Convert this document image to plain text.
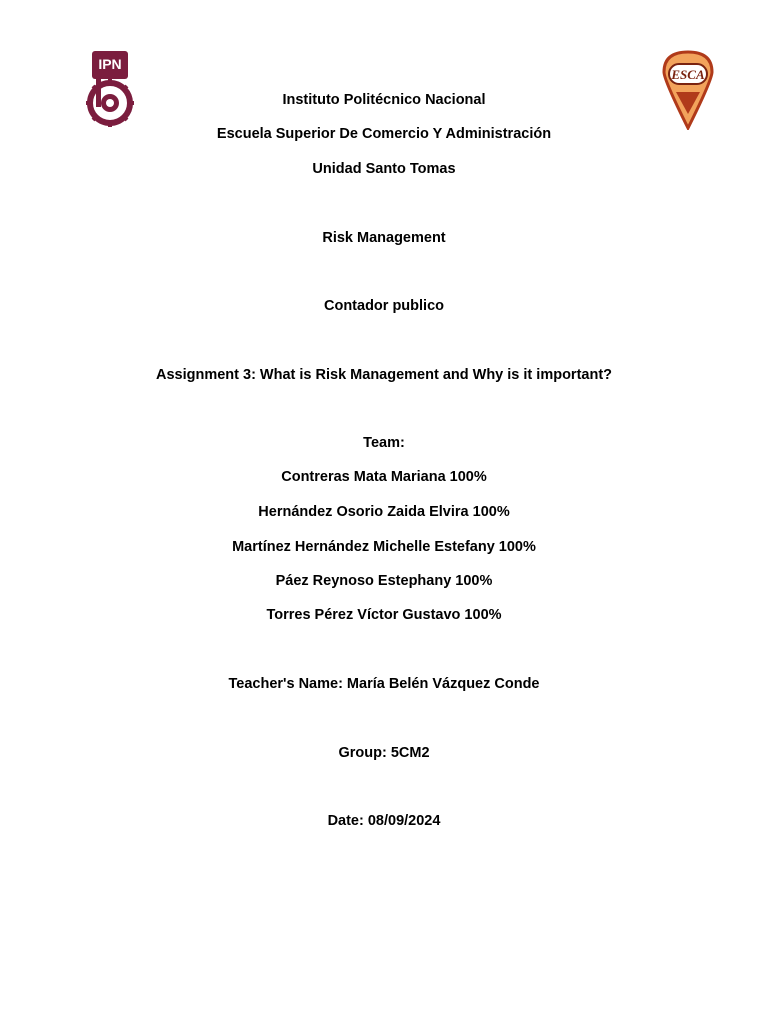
IPN
ESCA
Instituto Politécnico Nacional
Escuela Superior De Comercio Y Administración
Unidad Santo Tomas
Risk Management
Contador publico
Assignment 3: What is Risk Management and Why is it important?
Team:
Contreras Mata Mariana 100%
Hernández Osorio Zaida Elvira 100%
Martínez Hernández Michelle Estefany 100%
Páez Reynoso Estephany 100%
Torres Pérez Víctor Gustavo 100%
Teacher's Name: María Belén Vázquez Conde
Group: 5CM2
Date: 08/09/2024
